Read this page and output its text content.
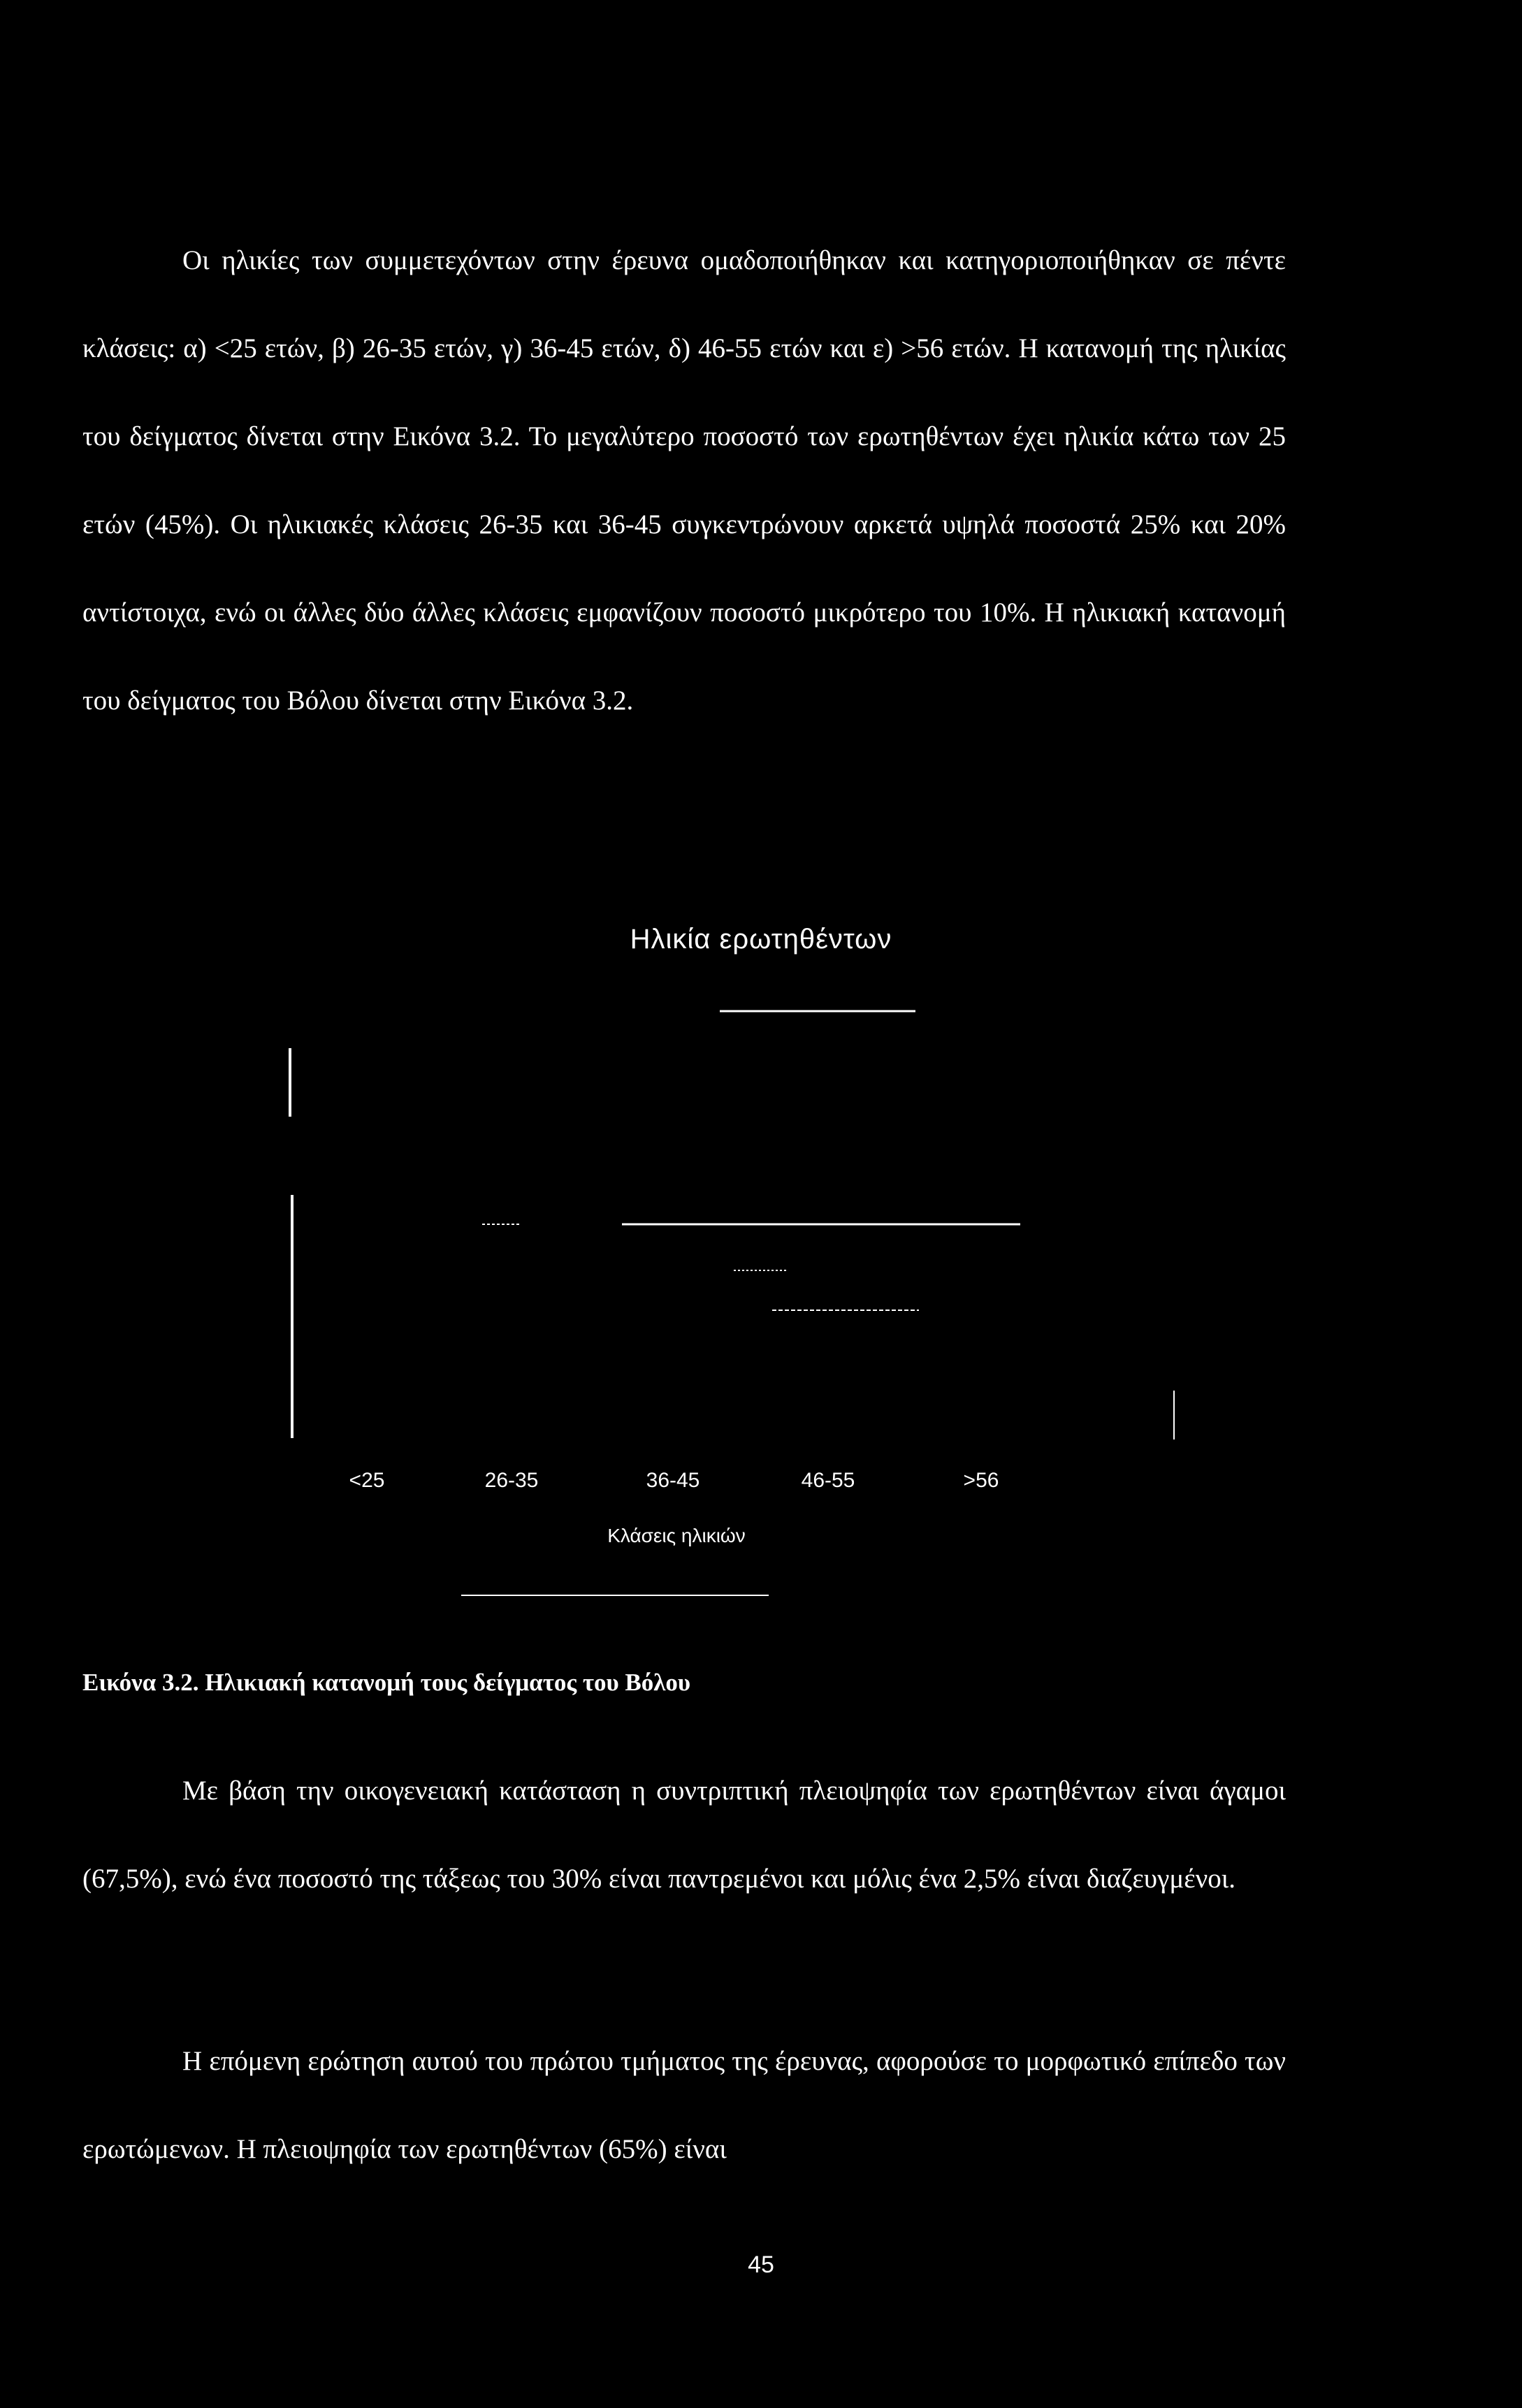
Οι ηλικίες των συμμετεχόντων στην έρευνα ομαδοποιήθηκαν και κατηγοριοποιήθηκαν σε πέντε κλάσεις: α) <25 ετών, β) 26-35 ετών, γ) 36-45 ετών, δ) 46-55 ετών και ε) >56 ετών. Η κατανομή της ηλικίας του δείγματος δίνεται στην Εικόνα 3.2. Το μεγαλύτερο ποσοστό των ερωτηθέντων έχει ηλικία κάτω των 25 ετών (45%). Οι ηλικιακές κλάσεις 26-35 και 36-45 συγκεντρώνουν αρκετά υψηλά ποσοστά 25% και 20% αντίστοιχα, ενώ οι άλλες δύο άλλες κλάσεις εμφανίζουν ποσοστό μικρότερο του 10%. Η ηλικιακή κατανομή του δείγματος του Βόλου δίνεται στην Εικόνα 3.2.

Ηλικία ερωτηθέντων
<25	26-35	36-45	46-55	>56
Κλάσεις ηλικιών
Εικόνα 3.2. Ηλικιακή κατανομή τους δείγματος του Βόλου

Με βάση την οικογενειακή κατάσταση η συντριπτική πλειοψηφία των ερωτηθέντων είναι άγαμοι (67,5%), ενώ ένα ποσοστό της τάξεως του 30% είναι παντρεμένοι και μόλις ένα 2,5% είναι διαζευγμένοι.

Η επόμενη ερώτηση αυτού του πρώτου τμήματος της έρευνας, αφορούσε το μορφωτικό επίπεδο των ερωτώμενων. Η πλειοψηφία των ερωτηθέντων (65%) είναι

45
